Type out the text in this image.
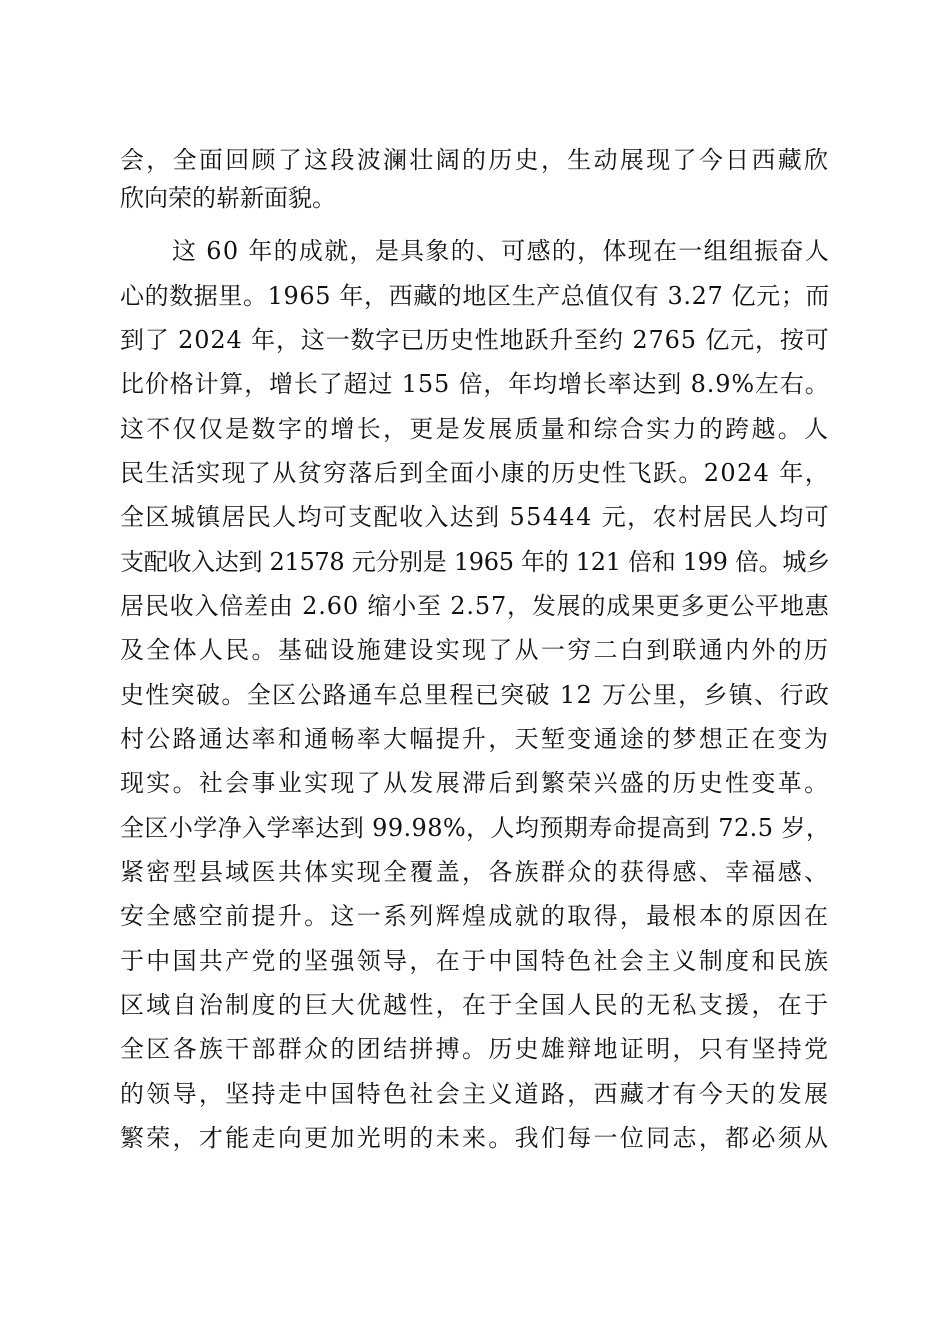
会，全面回顾了这段波澜壮阔的历史，生动展现了今日西藏欣
欣向荣的崭新面貌。
这 60 年的成就，是具象的、可感的，体现在一组组振奋人
心的数据里。1965 年，西藏的地区生产总值仅有 3.27 亿元；而
到了 2024 年，这一数字已历史性地跃升至约 2765 亿元，按可
比价格计算，增长了超过 155 倍，年均增长率达到 8.9%左右。
这不仅仅是数字的增长，更是发展质量和综合实力的跨越。人
民生活实现了从贫穷落后到全面小康的历史性飞跃。2024 年，
全区城镇居民人均可支配收入达到 55444 元，农村居民人均可
支配收入达到 21578 元分别是 1965 年的 121 倍和 199 倍。城乡
居民收入倍差由 2.60 缩小至 2.57，发展的成果更多更公平地惠
及全体人民。基础设施建设实现了从一穷二白到联通内外的历
史性突破。全区公路通车总里程已突破 12 万公里，乡镇、行政
村公路通达率和通畅率大幅提升，天堑变通途的梦想正在变为
现实。社会事业实现了从发展滞后到繁荣兴盛的历史性变革。
全区小学净入学率达到 99.98%，人均预期寿命提高到 72.5 岁，
紧密型县域医共体实现全覆盖，各族群众的获得感、幸福感、
安全感空前提升。这一系列辉煌成就的取得，最根本的原因在
于中国共产党的坚强领导，在于中国特色社会主义制度和民族
区域自治制度的巨大优越性，在于全国人民的无私支援，在于
全区各族干部群众的团结拼搏。历史雄辩地证明，只有坚持党
的领导，坚持走中国特色社会主义道路，西藏才有今天的发展
繁荣，才能走向更加光明的未来。我们每一位同志，都必须从
